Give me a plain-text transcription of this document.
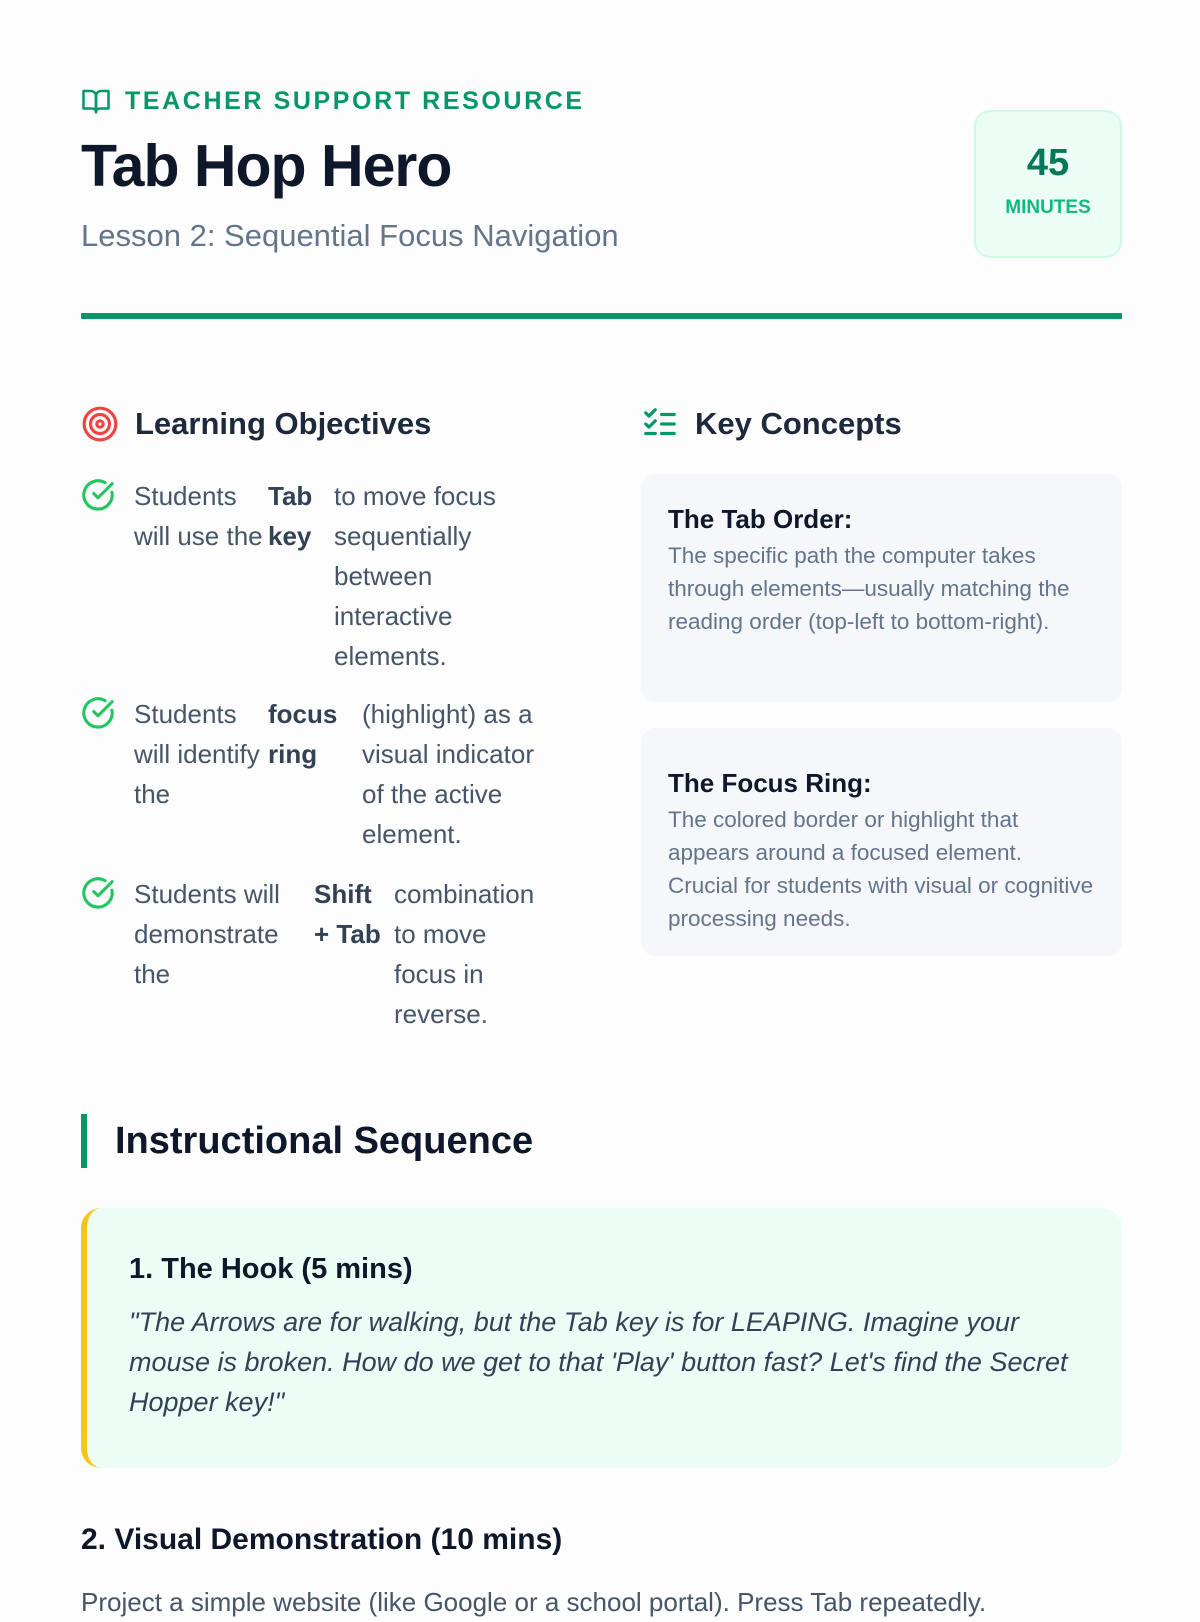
TEACHER SUPPORT RESOURCE
Tab Hop Hero
Lesson 2: Sequential Focus Navigation
45
MINUTES
Learning Objectives
Students will use the
Tab key
to move focus sequentially between interactive elements.
Students will identify the
focus ring
(highlight) as a visual indicator of the active element.
Students will demonstrate the
Shift + Tab
combination to move focus in reverse.
Key Concepts
The Tab Order:

The specific path the computer takes through elements—usually matching the reading order (top-left to bottom-right).

The Focus Ring:

The colored border or highlight that appears around a focused element. Crucial for students with visual or cognitive processing needs.

Instructional Sequence
1. The Hook (5 mins)

"The Arrows are for walking, but the Tab key is for LEAPING. Imagine your mouse is broken. How do we get to that 'Play' button fast? Let's find the Secret Hopper key!"

2. Visual Demonstration (10 mins)
Project a simple website (like Google or a school portal). Press Tab repeatedly.
